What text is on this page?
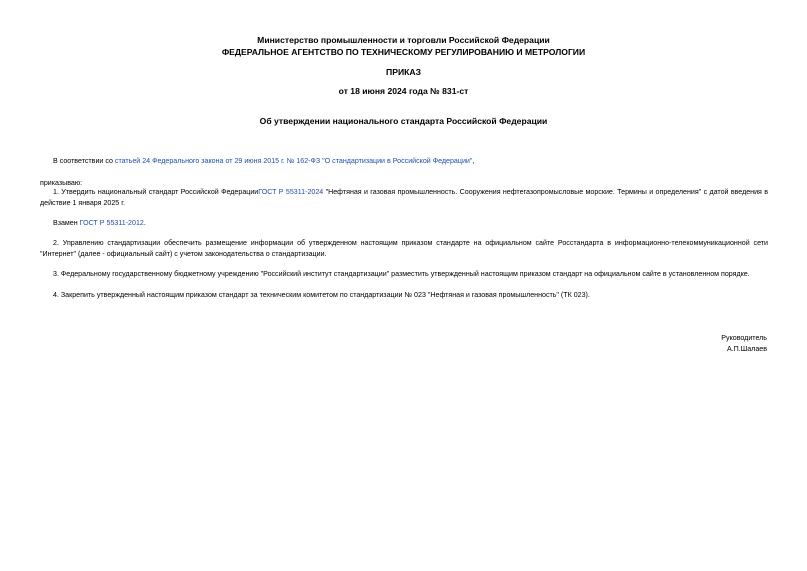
Министерство промышленности и торговли Российской Федерации
ФЕДЕРАЛЬНОЕ АГЕНТСТВО ПО ТЕХНИЧЕСКОМУ РЕГУЛИРОВАНИЮ И МЕТРОЛОГИИ
ПРИКАЗ
от 18 июня 2024 года № 831-ст
Об утверждении национального стандарта Российской Федерации
В соответствии со статьей 24 Федерального закона от 29 июня 2015 г. № 162-ФЗ "О стандартизации в Российской Федерации",
приказываю:
1. Утвердить национальный стандарт Российской ФедерацииГОСТ Р 55311-2024 "Нефтяная и газовая промышленность. Сооружения нефтегазопромысловые морские. Термины и определения" с датой введения в действие 1 января 2025 г.
Взамен ГОСТ Р 55311-2012.
2. Управлению стандартизации обеспечить размещение информации об утвержденном настоящим приказом стандарте на официальном сайте Росстандарта в информационно-телекоммуникационной сети "Интернет" (далее - официальный сайт) с учетом законодательства о стандартизации.
3. Федеральному государственному бюджетному учреждению "Российский институт стандартизации" разместить утвержденный настоящим приказом стандарт на официальном сайте в установленном порядке.
4. Закрепить утвержденный настоящим приказом стандарт за техническим комитетом по стандартизации № 023 "Нефтяная и газовая промышленность" (ТК 023).
Руководитель
А.П.Шалаев
